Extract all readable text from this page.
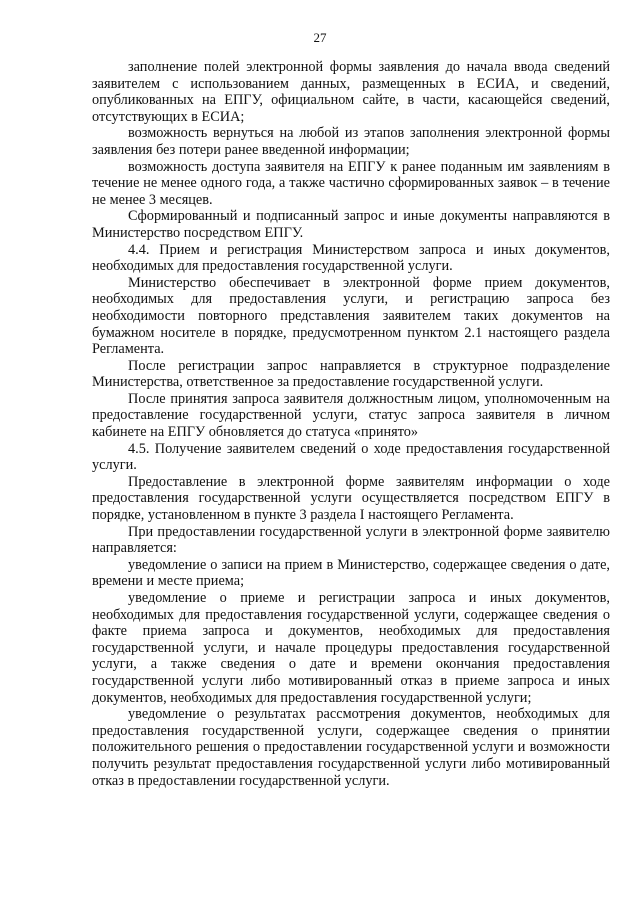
27

заполнение полей электронной формы заявления до начала ввода сведений заявителем с использованием данных, размещенных в ЕСИА, и сведений, опубликованных на ЕПГУ, официальном сайте, в части, касающейся сведений, отсутствующих в ЕСИА;

возможность вернуться на любой из этапов заполнения электронной формы заявления без потери ранее введенной информации;

возможность доступа заявителя на ЕПГУ к ранее поданным им заявлениям в течение не менее одного года, а также частично сформированных заявок – в течение не менее 3 месяцев.

Сформированный и подписанный запрос и иные документы направляются в Министерство посредством ЕПГУ.

4.4. Прием и регистрация Министерством запроса и иных документов, необходимых для предоставления государственной услуги.

Министерство обеспечивает в электронной форме прием документов, необходимых для предоставления услуги, и регистрацию запроса без необходимости повторного представления заявителем таких документов на бумажном носителе в порядке, предусмотренном пунктом 2.1 настоящего раздела Регламента.

После регистрации запрос направляется в структурное подразделение Министерства, ответственное за предоставление государственной услуги.

После принятия запроса заявителя должностным лицом, уполномоченным на предоставление государственной услуги, статус запроса заявителя в личном кабинете на ЕПГУ обновляется до статуса «принято»

4.5. Получение заявителем сведений о ходе предоставления государственной услуги.

Предоставление в электронной форме заявителям информации о ходе предоставления государственной услуги осуществляется посредством ЕПГУ в порядке, установленном в пункте 3 раздела I настоящего Регламента.

При предоставлении государственной услуги в электронной форме заявителю направляется:

уведомление о записи на прием в Министерство, содержащее сведения о дате, времени и месте приема;

уведомление о приеме и регистрации запроса и иных документов, необходимых для предоставления государственной услуги, содержащее сведения о факте приема запроса и документов, необходимых для предоставления государственной услуги, и начале процедуры предоставления государственной услуги, а также сведения о дате и времени окончания предоставления государственной услуги либо мотивированный отказ в приеме запроса и иных документов, необходимых для предоставления государственной услуги;

уведомление о результатах рассмотрения документов, необходимых для предоставления государственной услуги, содержащее сведения о принятии положительного решения о предоставлении государственной услуги и возможности получить результат предоставления государственной услуги либо мотивированный отказ в предоставлении государственной услуги.
